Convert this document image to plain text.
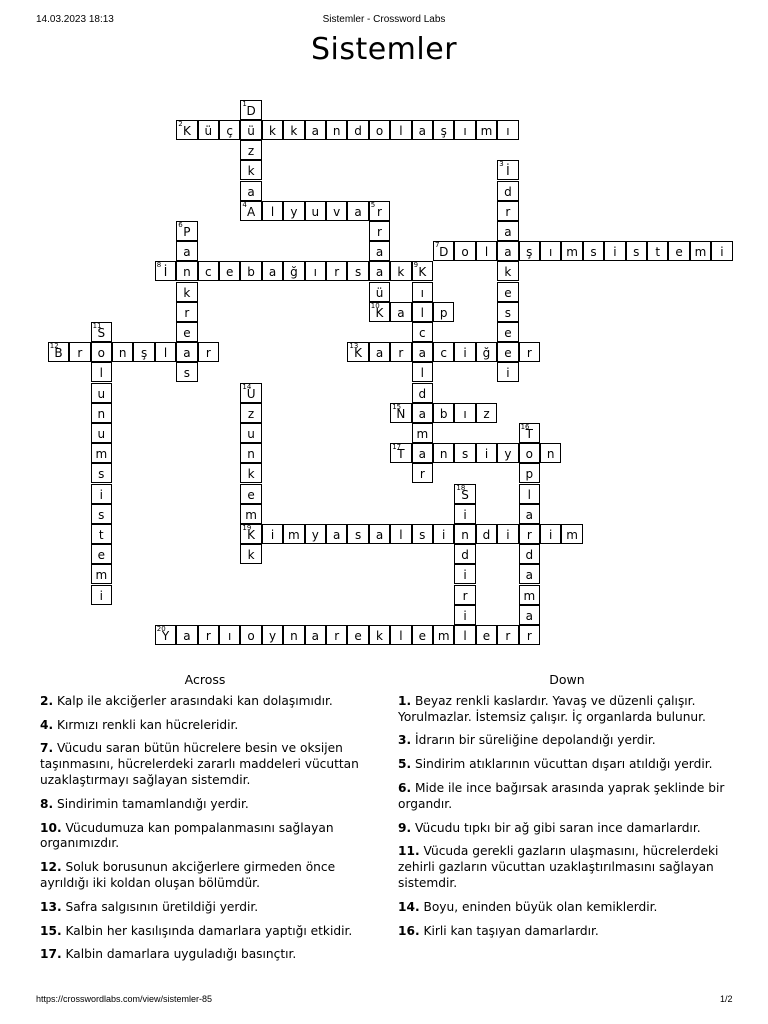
14.03.2023 18:13	Sistemler - Crossword Labs
Sistemler
2 K	ü	ç	ü	k	k	a	n	d	o	l	a	ş	ı	m	ı
4 A	l	y	u	v	a	5 r
7 D	o	l	a	ş	ı	m	s	i	s	t	e m	i
8 İ	n	c	e	b	a	ğ	ı	r	s	a	k
10
K	a	l	p
12
B	r	o	n	ş	l	a	r	13
K	a	r	a	c	i	ğ	e	r
15
N	a	b	ı	z
17
T	a	n	s	i	y	o	n
19
K	i	m	y	a	s	a	l	s	i	n	d	i	r	i	m
20
Y	a	r	ı	o	y	n	a	r	e	k	l	e m	l	e	r
1 D
z
k
a
3 İ
d
r
a
k
e
s
e
i
r
a
ü
6 P
a
k
r
e
s
9 K
ı
c
l
d
m
r
11
S
l
u
n
u
m
s
i
s
t
e
m
i
14
U
z
u
n
k
e
m
k
16
T
p
l
a
d
a
m
a
r
18
S
i
d
i
r
i
Across
2. Kalp ile akciğerler arasındaki kan dolaşımıdır.
4. Kırmızı renkli kan hücreleridir.
7. Vücudu saran bütün hücrelere besin ve oksijen taşınmasını, hücrelerdeki zararlı maddeleri vücuttan uzaklaştırmayı sağlayan sistemdir.
8. Sindirimin tamamlandığı yerdir.
10. Vücudumuza kan pompalanmasını sağlayan organımızdır.
12. Soluk borusunun akciğerlere girmeden önce ayrıldığı iki koldan oluşan bölümdür.
13. Safra salgısının üretildiği yerdir.
15. Kalbin her kasılışında damarlara yaptığı etkidir.
17. Kalbin damarlara uyguladığı basınçtır.
Down
1. Beyaz renkli kaslardır. Yavaş ve düzenli çalışır. Yorulmazlar. İstemsiz çalışır. İç organlarda bulunur.
3. İdrarın bir süreliğine depolandığı yerdir.
5. Sindirim atıklarının vücuttan dışarı atıldığı yerdir.
6. Mide ile ince bağırsak arasında yaprak şeklinde bir organdır.
9. Vücudu tıpkı bir ağ gibi saran ince damarlardır.
11. Vücuda gerekli gazların ulaşmasını, hücrelerdeki zehirli gazların vücuttan uzaklaştırılmasını sağlayan sistemdir.
14. Boyu, eninden büyük olan kemiklerdir.
16. Kirli kan taşıyan damarlardır.
https://crosswordlabs.com/view/sistemler-85	1/2
